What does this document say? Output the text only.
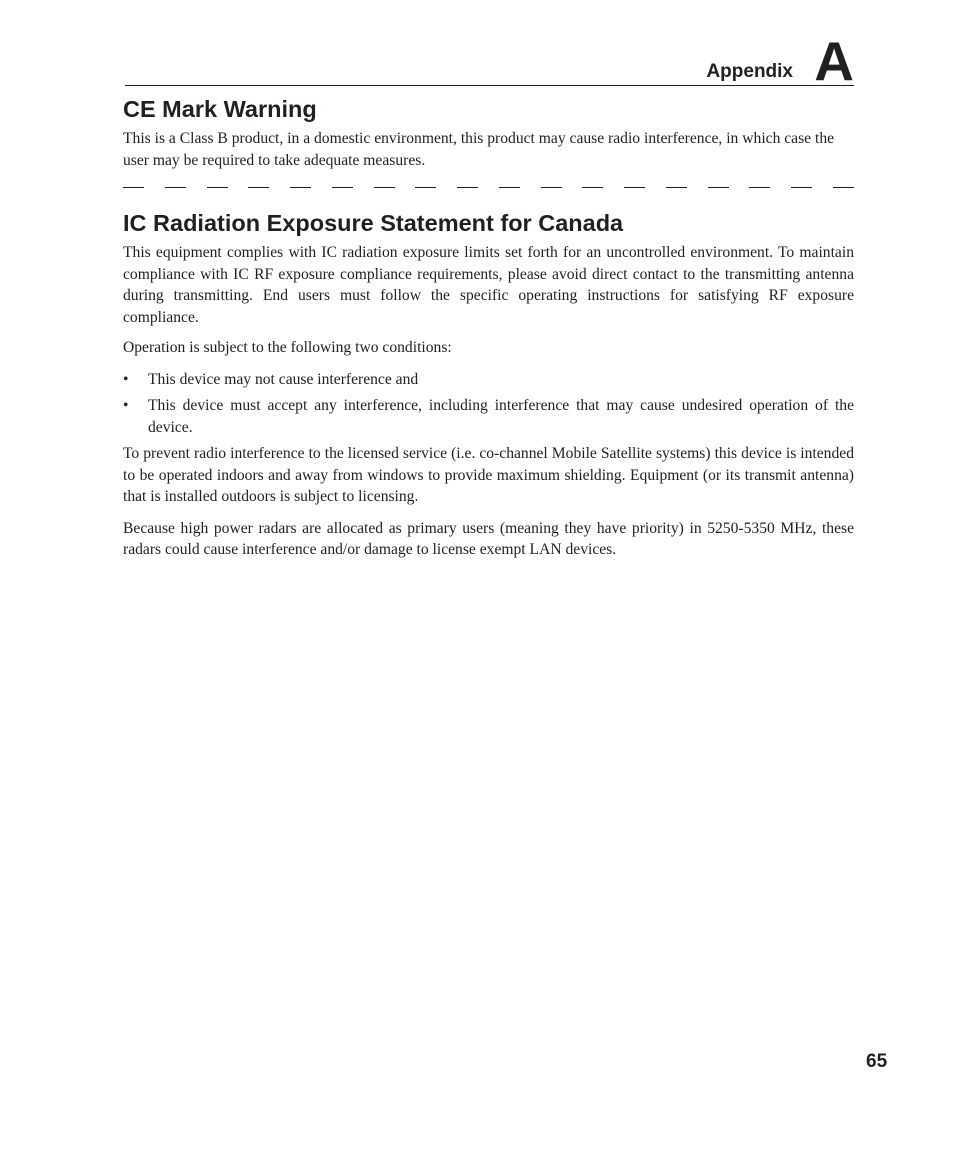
Appendix A
CE Mark Warning

This is a Class B product, in a domestic environment, this product may cause radio interference, in which case the user may be required to take adequate measures.

IC Radiation Exposure Statement for Canada

This equipment complies with IC radiation exposure limits set forth for an uncontrolled environment. To maintain compliance with IC RF exposure compliance requirements, please avoid direct contact to the transmitting antenna during transmitting. End users must follow the specific operating instructions for satisfying RF exposure compliance.

Operation is subject to the following two conditions:

• This device may not cause interference and
• This device must accept any interference, including interference that may cause undesired operation of the device.

To prevent radio interference to the licensed service (i.e. co-channel Mobile Satellite systems) this device is intended to be operated indoors and away from windows to provide maximum shielding. Equipment (or its transmit antenna) that is installed outdoors is subject to licensing.

Because high power radars are allocated as primary users (meaning they have priority) in 5250-5350 MHz, these radars could cause interference and/or damage to license exempt LAN devices.

65
